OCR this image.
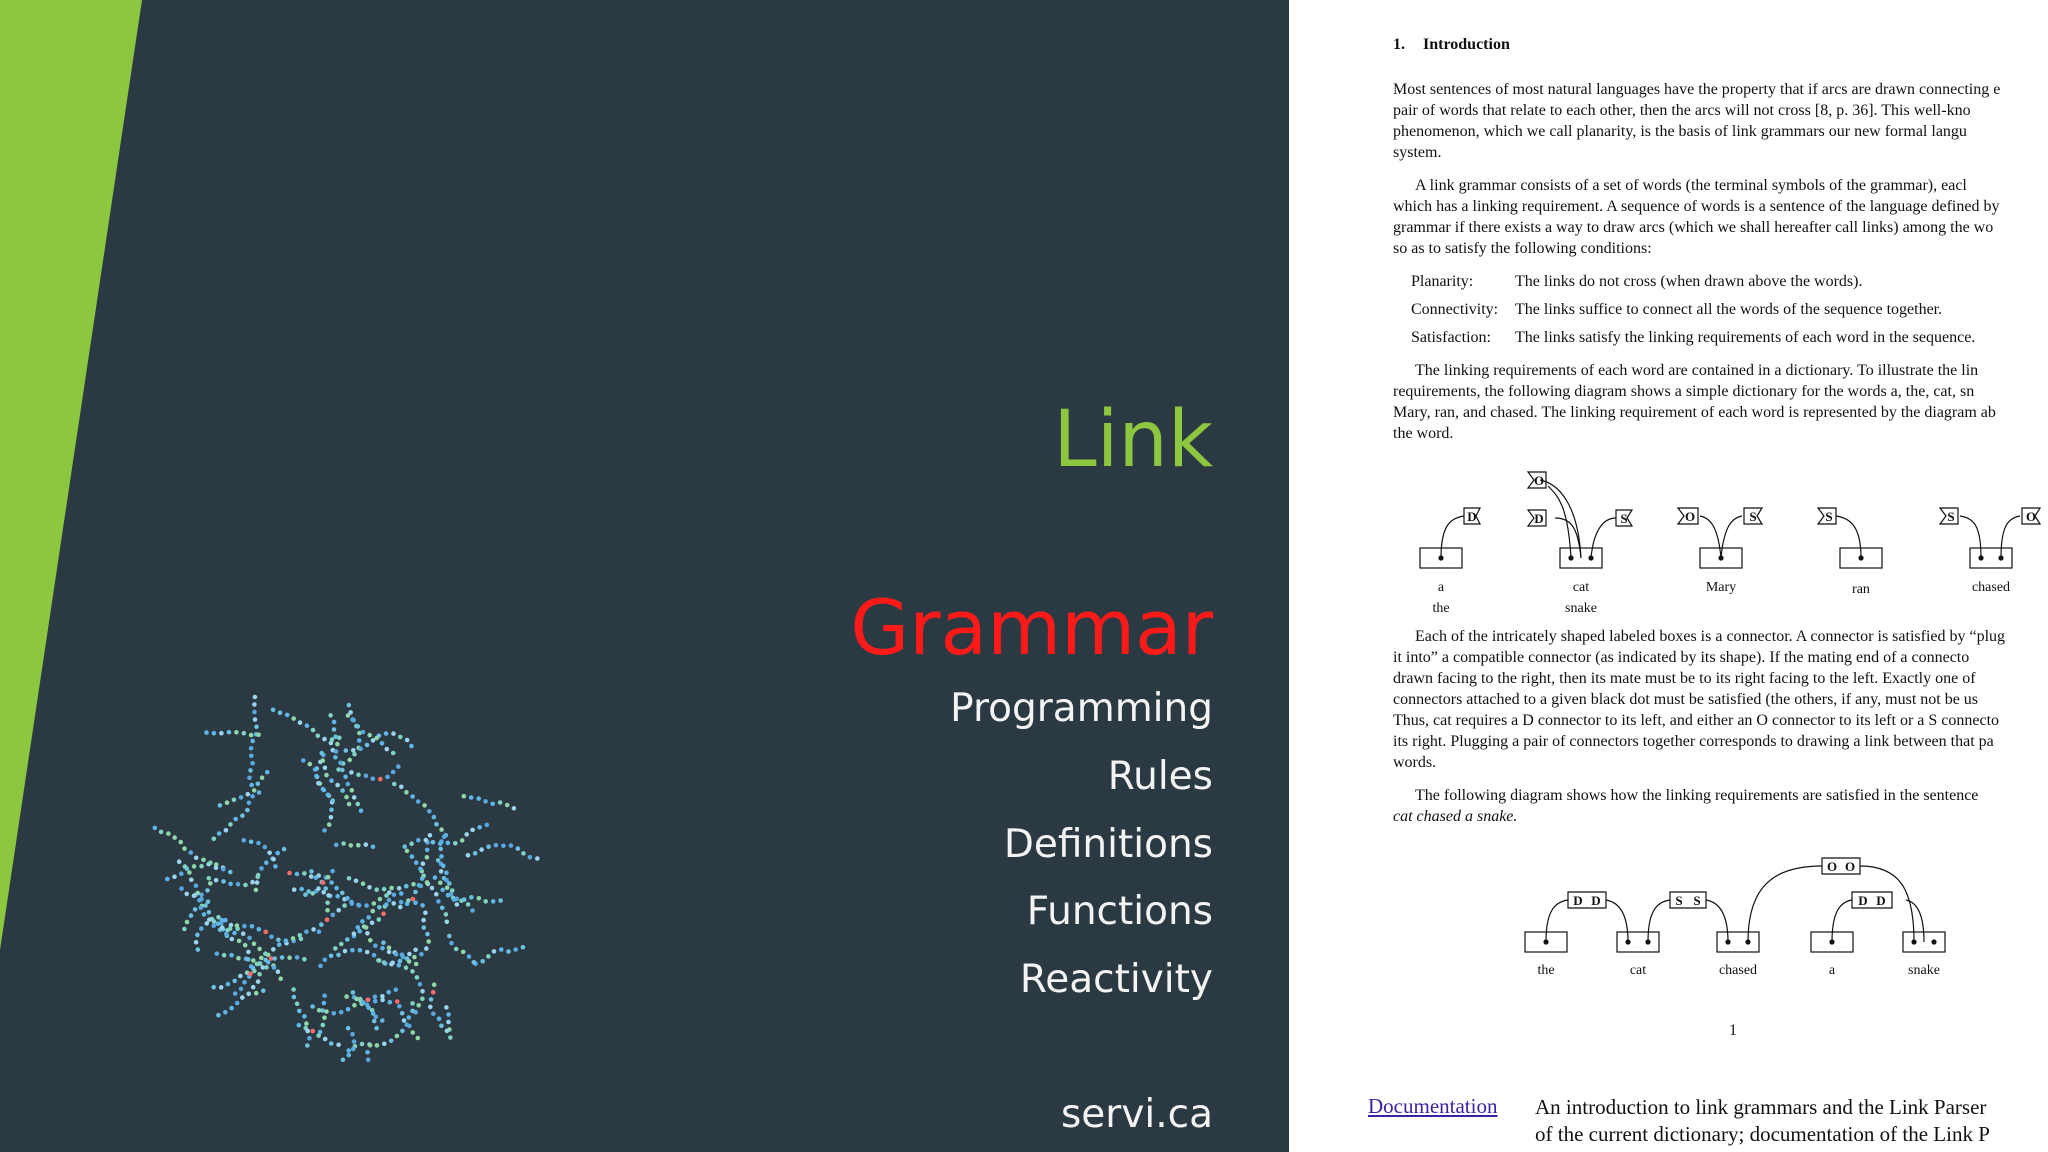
Link
Grammar
Programming
Rules
Definitions
Functions
Reactivity
servi.ca

1. Introduction

Most sentences of most natural languages have the property that if arcs are drawn connecting e
pair of words that relate to each other, then the arcs will not cross [8, p. 36]. This well-kno
phenomenon, which we call planarity, is the basis of link grammars our new formal langu
system.

A link grammar consists of a set of words (the terminal symbols of the grammar), eacl
which has a linking requirement. A sequence of words is a sentence of the language defined by
grammar if there exists a way to draw arcs (which we shall hereafter call links) among the wo
so as to satisfy the following conditions:

Planarity:	The links do not cross (when drawn above the words).
Connectivity:	The links suffice to connect all the words of the sequence together.
Satisfaction:	The links satisfy the linking requirements of each word in the sequence.

The linking requirements of each word are contained in a dictionary. To illustrate the lin
requirements, the following diagram shows a simple dictionary for the words a, the, cat, sn
Mary, ran, and chased. The linking requirement of each word is represented by the diagram ab
the word.

Each of the intricately shaped labeled boxes is a connector. A connector is satisfied by “plug
it into” a compatible connector (as indicated by its shape). If the mating end of a connecto
drawn facing to the right, then its mate must be to its right facing to the left. Exactly one of
connectors attached to a given black dot must be satisfied (the others, if any, must not be us
Thus, cat requires a D connector to its left, and either an O connector to its left or a S connecto
its right. Plugging a pair of connectors together corresponds to drawing a link between that pa
words.

The following diagram shows how the linking requirements are satisfied in the sentence
cat chased a snake.

D
O
D	S	O	S	S	S	O
a
the
cat
snake
Mary	ran	chased
D D	S S
O O
D D
the	cat	chased	a	snake
1
Documentation An introduction to link grammars and the Link Parser
of the current dictionary; documentation of the Link P
